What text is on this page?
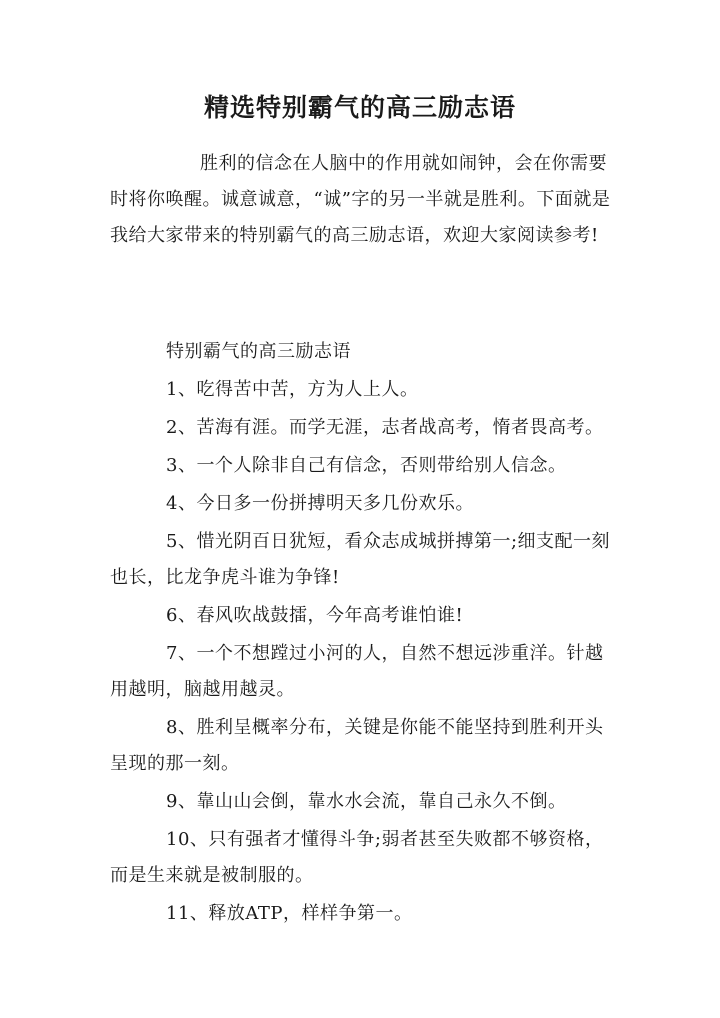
精选特别霸气的高三励志语

胜利的信念在人脑中的作用就如闹钟，会在你需要时将你唤醒。诚意诚意，“诚”字的另一半就是胜利。下面就是我给大家带来的特别霸气的高三励志语，欢迎大家阅读参考!

特别霸气的高三励志语

1、吃得苦中苦，方为人上人。

2、苦海有涯。而学无涯，志者战高考，惰者畏高考。

3、一个人除非自己有信念，否则带给别人信念。

4、今日多一份拼搏明天多几份欢乐。

5、惜光阴百日犹短，看众志成城拼搏第一;细支配一刻也长，比龙争虎斗谁为争锋!

6、春风吹战鼓擂，今年高考谁怕谁!

7、一个不想蹚过小河的人，自然不想远涉重洋。针越用越明，脑越用越灵。

8、胜利呈概率分布，关键是你能不能坚持到胜利开头呈现的那一刻。

9、靠山山会倒，靠水水会流，靠自己永久不倒。

10、只有强者才懂得斗争;弱者甚至失败都不够资格，而是生来就是被制服的。

11、释放ATP，样样争第一。
